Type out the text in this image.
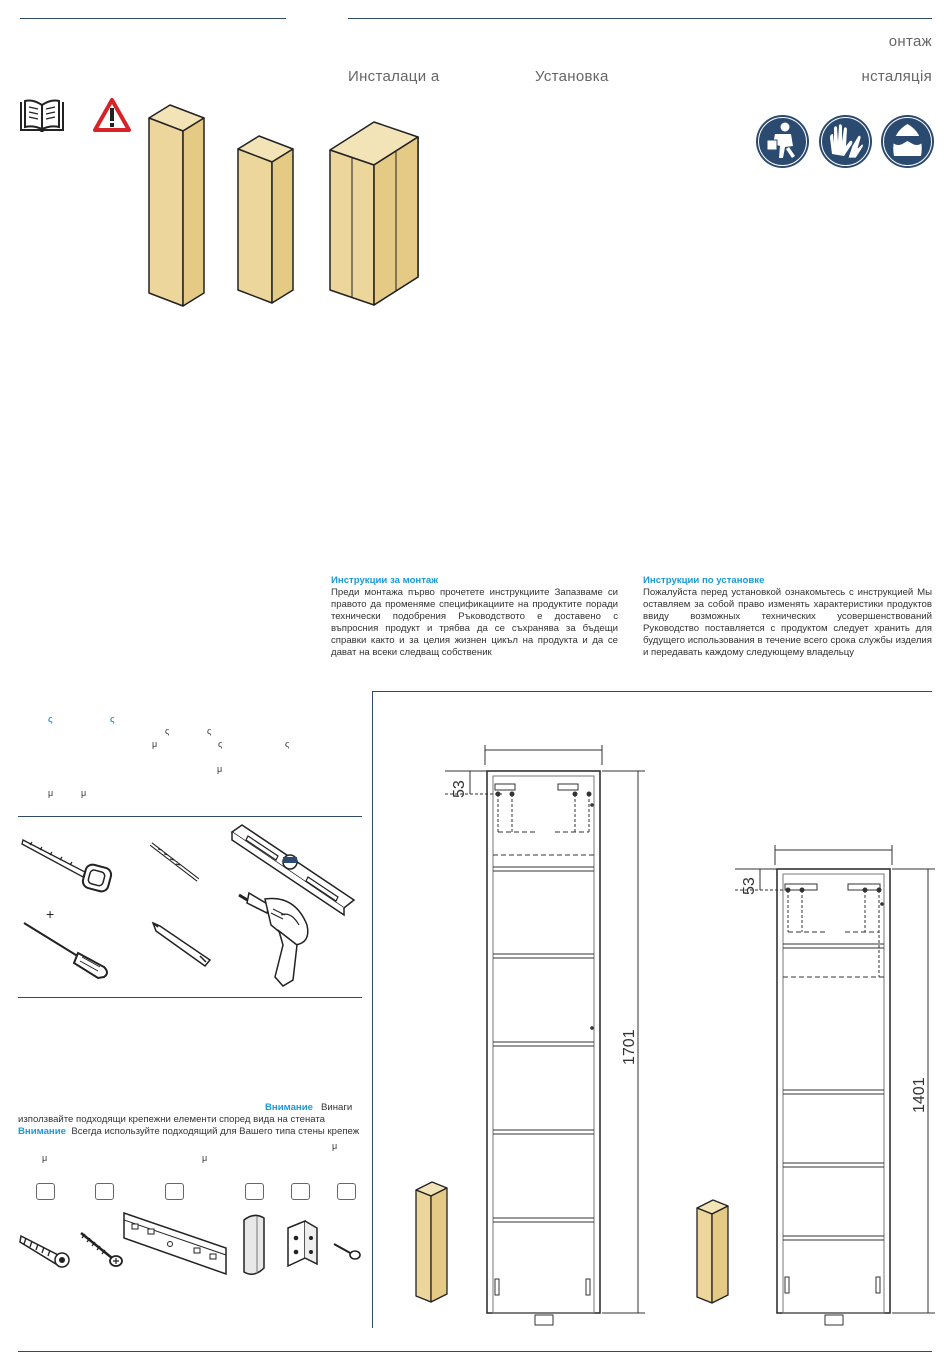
онтаж
Инсталаци а	Установка	нсталяція
Инструкции за монтаж
Преди монтажа първо прочетете инструкциите Запазваме си правото да променяме спецификациите на продуктите поради технически подобрения Ръководството е доставено с въпросния продукт и трябва да се съхранява за бъдещи справки както и за целия жизнен цикъл на продукта и да се дават на всеки следващ собственик
Инструкции по установке
Пожалуйста перед установкой ознакомьтесь с инструкцией Мы оставляем за собой право изменять характеристики продуктов ввиду возможных технических усовершенствований Руководство поставляется с продуктом следует хранить для будущего использования в течение всего срока службы изделия и передавать каждому следующему владельцу
ς	ς
ς	ς
μ	ς	ς
μ
μ	μ
+
Внимание Винаги
използвайте подходящи крепежни елементи според вида на стената
Внимание Всегда используйте подходящий для Вашего типа стены крепеж
μ
μ	μ
53
1701
53
1401
